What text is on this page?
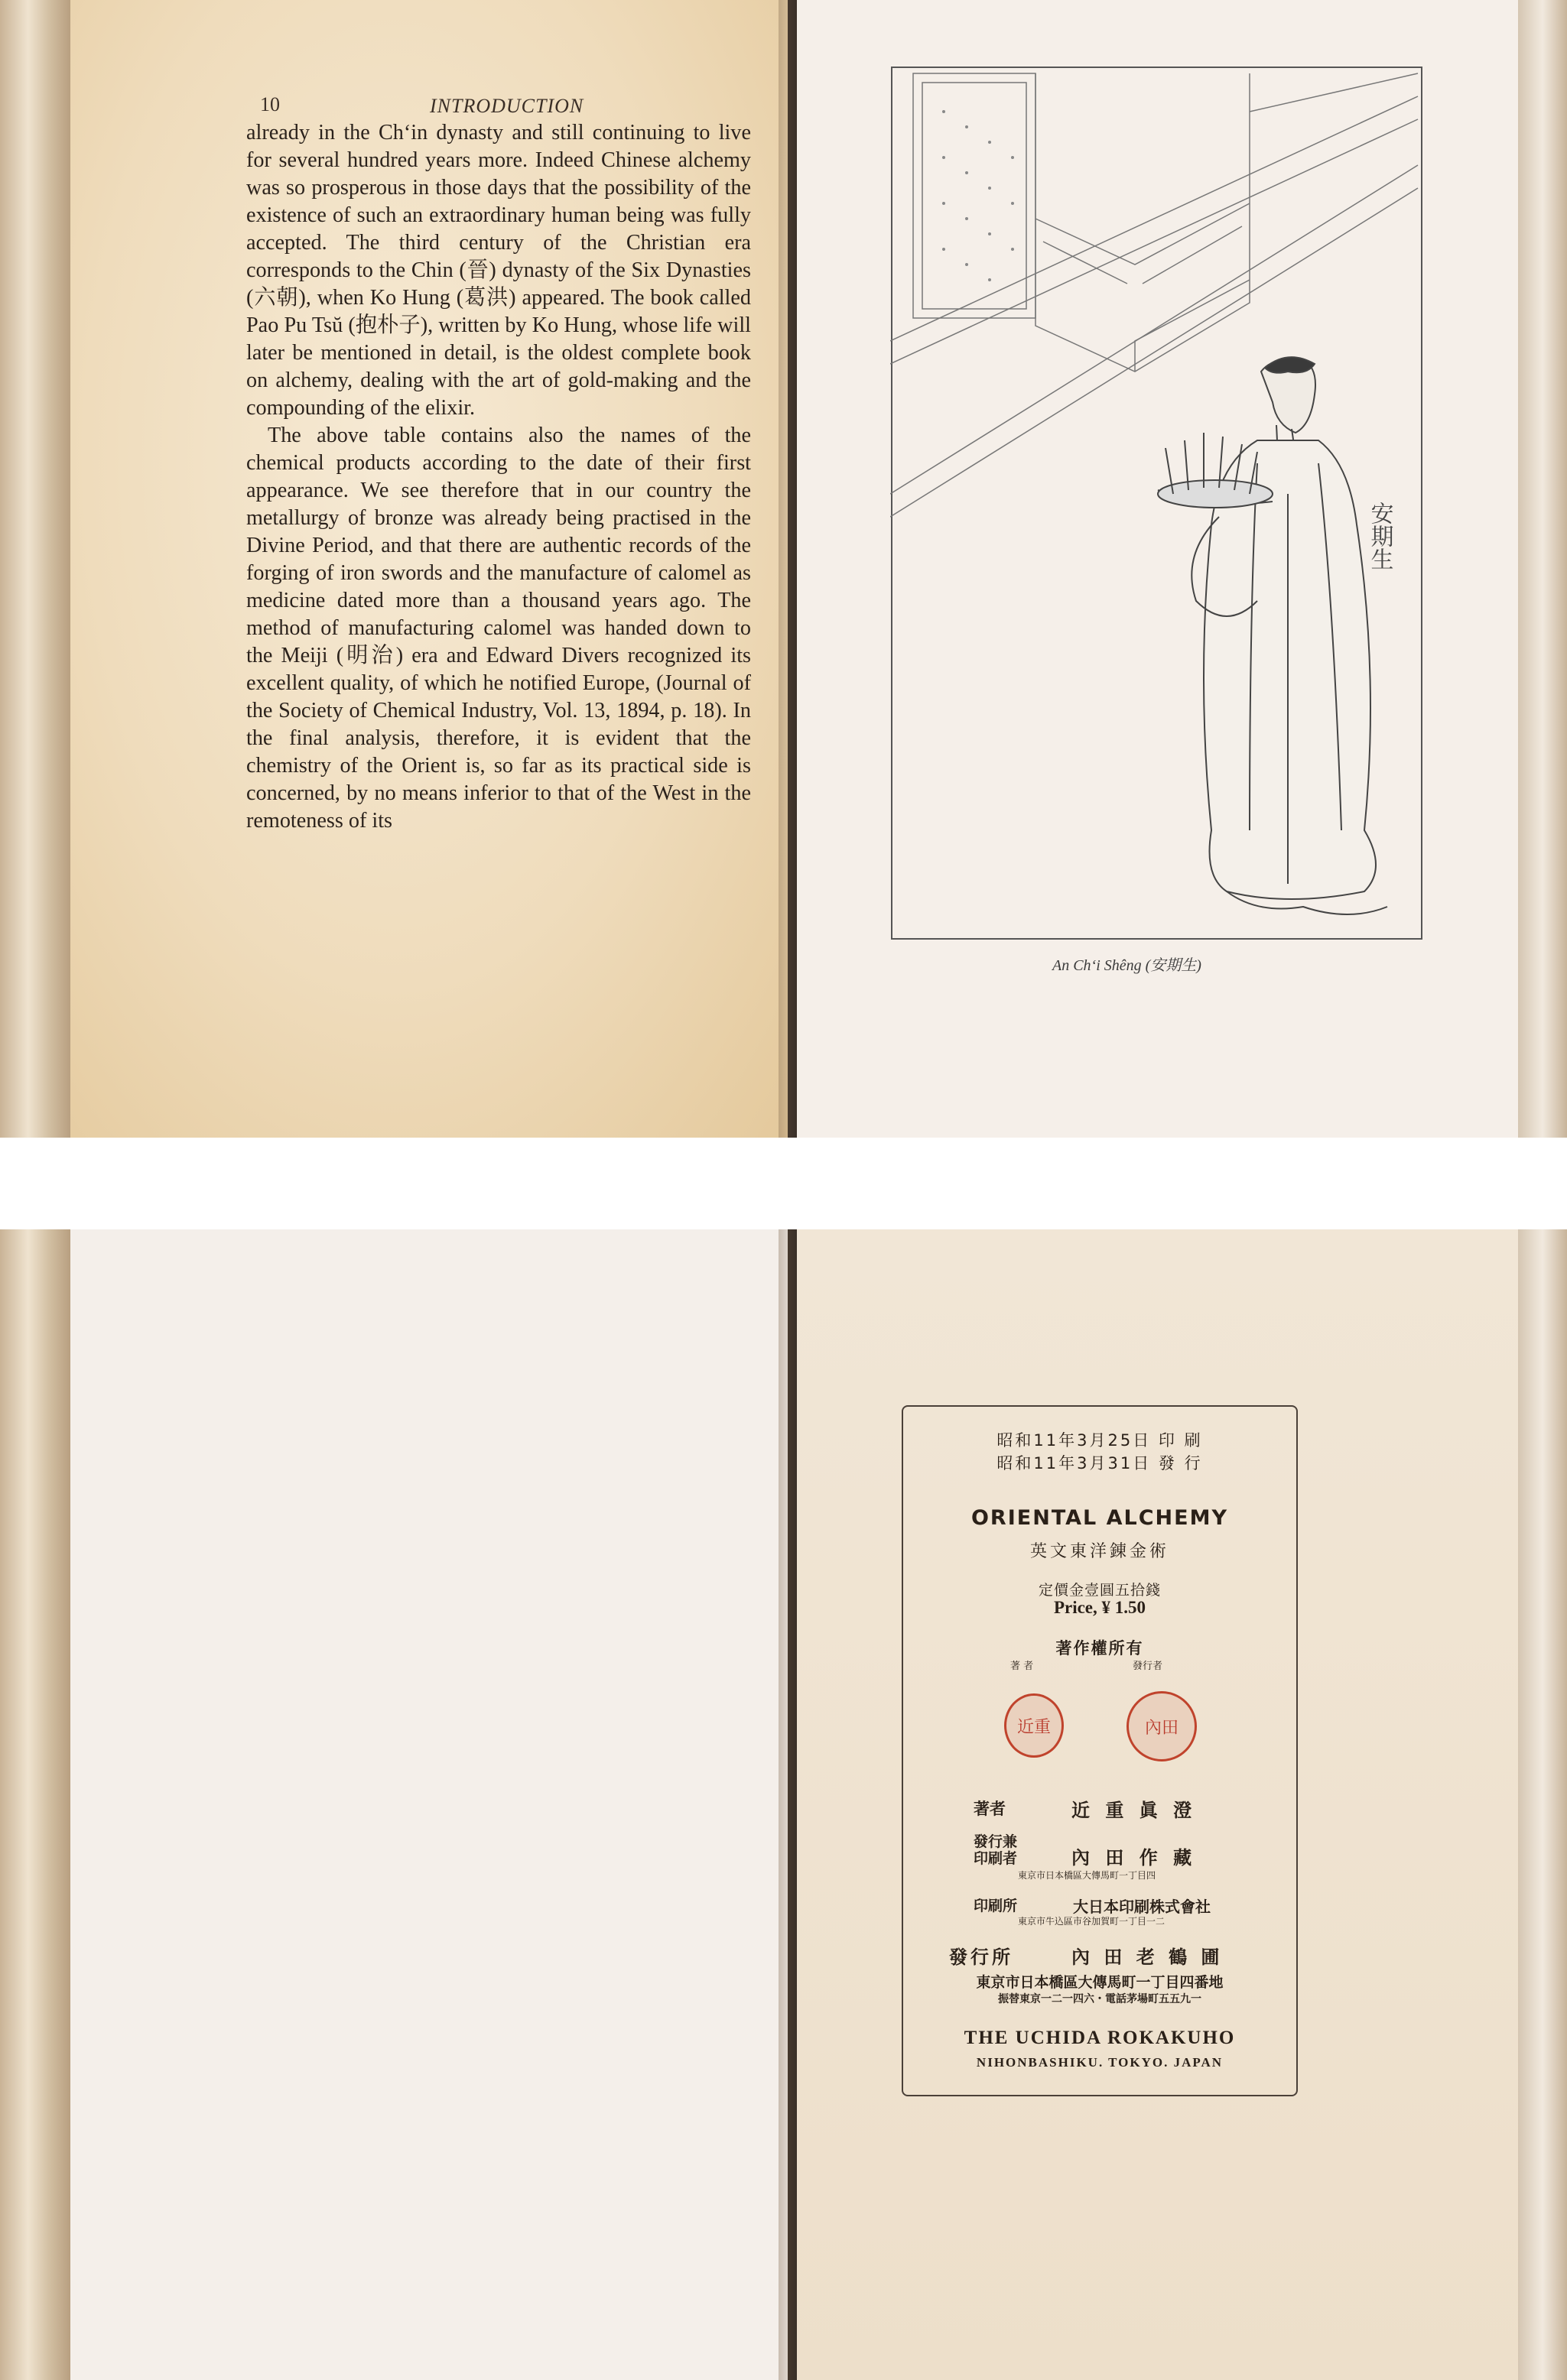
10	INTRODUCTION

already in the Ch‘in dynasty and still continuing to live for several hundred years more. Indeed Chinese alchemy was so prosperous in those days that the possibility of the existence of such an extraordinary human being was fully accepted. The third century of the Christian era corresponds to the Chin (晉) dynasty of the Six Dynasties (六朝), when Ko Hung (葛洪) appeared. The book called Pao Pu Tsŭ (抱朴子), written by Ko Hung, whose life will later be mentioned in detail, is the oldest complete book on alchemy, dealing with the art of gold-making and the compounding of the elixir.

The above table contains also the names of the chemical products according to the date of their first appearance. We see therefore that in our country the metallurgy of bronze was already being practised in the Divine Period, and that there are authentic records of the forging of iron swords and the manufacture of calomel as medicine dated more than a thousand years ago. The method of manufacturing calomel was handed down to the Meiji (明治) era and Edward Divers recognized its excellent quality, of which he notified Europe, (Journal of the Society of Chemical Industry, Vol. 13, 1894, p. 18). In the final analysis, therefore, it is evident that the chemistry of the Orient is, so far as its practical side is concerned, by no means inferior to that of the West in the remoteness of its

安期生
An Ch‘i Shêng (安期生)
昭和11年3月25日 印 刷
昭和11年3月31日 發 行
ORIENTAL ALCHEMY
英文東洋錬金術
定價金壹圓五拾錢
Price, ¥ 1.50
著作權所有
著 者	發行者
近重	內田
著者	近 重 眞 澄
發行兼印刷者	內 田 作 藏
東京市日本橋區大傳馬町一丁目四
印刷所	大日本印刷株式會社
東京市牛込區市谷加賀町一丁目一二
發行所	內 田 老 鶴 圃
東京市日本橋區大傳馬町一丁目四番地
振替東京一二一四六・電話茅場町五五九一
THE UCHIDA ROKAKUHO
NIHONBASHIKU. TOKYO. JAPAN
